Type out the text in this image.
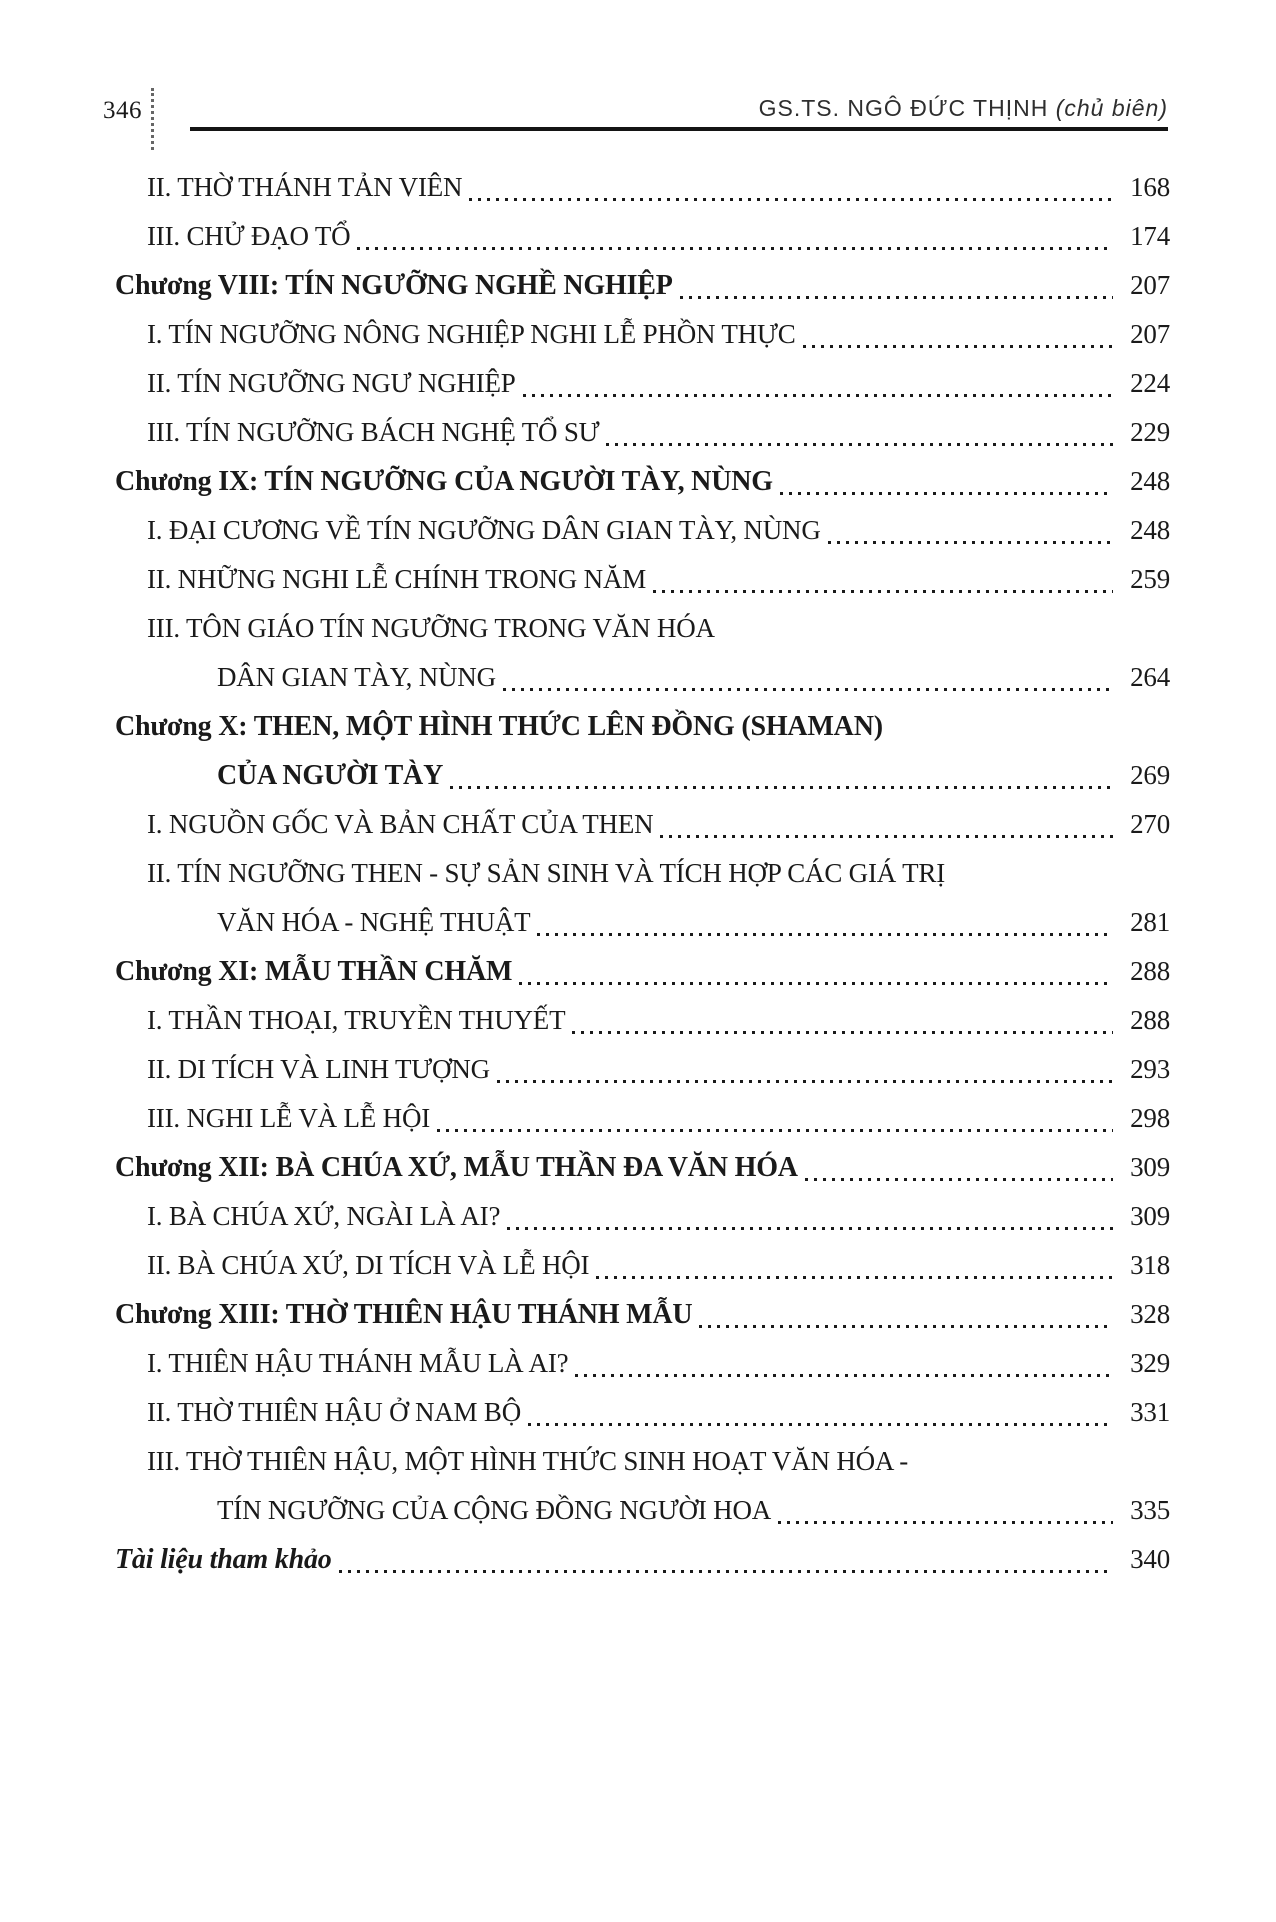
346	GS.TS. NGÔ ĐỨC THỊNH (chủ biên)
II. THỜ THÁNH TẢN VIÊN	168
III. CHỬ ĐẠO TỔ	174
Chương VIII: TÍN NGƯỠNG NGHỀ NGHIỆP	207
I. TÍN NGƯỠNG NÔNG NGHIỆP NGHI LỄ PHỒN THỰC	207
II. TÍN NGƯỠNG NGƯ NGHIỆP	224
III. TÍN NGƯỠNG BÁCH NGHỆ TỔ SƯ	229
Chương IX: TÍN NGƯỠNG CỦA NGƯỜI TÀY, NÙNG	248
I. ĐẠI CƯƠNG VỀ TÍN NGƯỠNG DÂN GIAN TÀY, NÙNG	248
II. NHỮNG NGHI LỄ CHÍNH TRONG NĂM	259
III. TÔN GIÁO TÍN NGƯỠNG TRONG VĂN HÓA
DÂN GIAN TÀY, NÙNG	264
Chương X: THEN, MỘT HÌNH THỨC LÊN ĐỒNG (SHAMAN)
CỦA NGƯỜI TÀY	269
I. NGUỒN GỐC VÀ BẢN CHẤT CỦA THEN	270
II. TÍN NGƯỠNG THEN - SỰ SẢN SINH VÀ TÍCH HỢP CÁC GIÁ TRỊ
VĂN HÓA - NGHỆ THUẬT	281
Chương XI: MẪU THẦN CHĂM	288
I. THẦN THOẠI, TRUYỀN THUYẾT	288
II. DI TÍCH VÀ LINH TƯỢNG	293
III. NGHI LỄ VÀ LỄ HỘI	298
Chương XII: BÀ CHÚA XỨ, MẪU THẦN ĐA VĂN HÓA	309
I. BÀ CHÚA XỨ, NGÀI LÀ AI?	309
II. BÀ CHÚA XỨ, DI TÍCH VÀ LỄ HỘI	318
Chương XIII: THỜ THIÊN HẬU THÁNH MẪU	328
I. THIÊN HẬU THÁNH MẪU LÀ AI?	329
II. THỜ THIÊN HẬU Ở NAM BỘ	331
III. THỜ THIÊN HẬU, MỘT HÌNH THỨC SINH HOẠT VĂN HÓA -
TÍN NGƯỠNG CỦA CỘNG ĐỒNG NGƯỜI HOA	335
Tài liệu tham khảo	340
